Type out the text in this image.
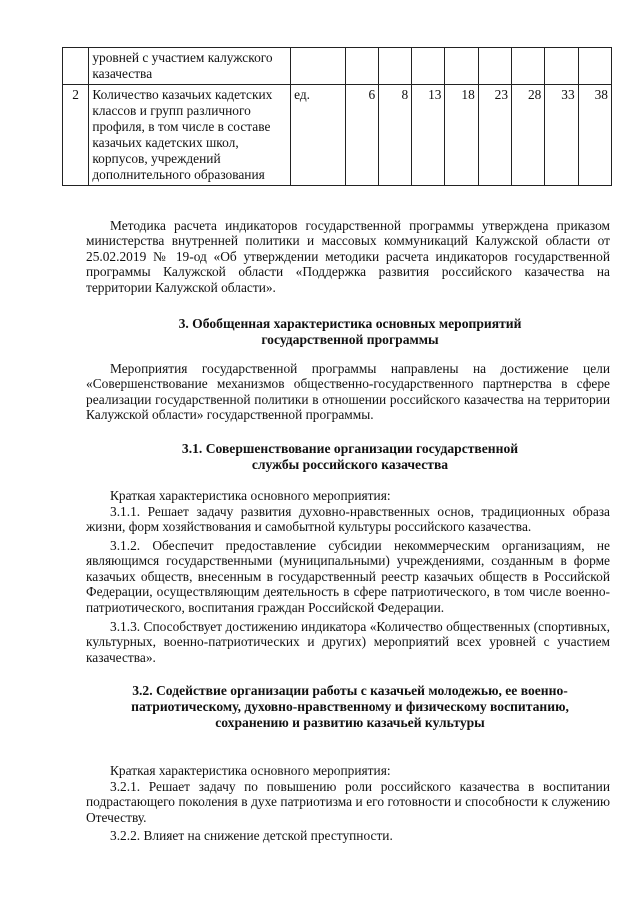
	уровней с участием калужского казачества									
2	Количество казачьих кадетских классов и групп различного профиля, в том числе в составе казачьих кадетских школ, корпусов, учреждений дополнительного образования	ед.	6	8	13	18	23	28	33	38

Методика расчета индикаторов государственной программы утверждена приказом министерства внутренней политики и массовых коммуникаций Калужской области от 25.02.2019 № 19-од «Об утверждении методики расчета индикаторов государственной программы Калужской области «Поддержка развития российского казачества на территории Калужской области».

3. Обобщенная характеристика основных мероприятий государственной программы

Мероприятия государственной программы направлены на достижение цели «Совершенствование механизмов общественно-государственного партнерства в сфере реализации государственной политики в отношении российского казачества на территории Калужской области» государственной программы.

3.1. Совершенствование организации государственной службы российского казачества

Краткая характеристика основного мероприятия:

3.1.1. Решает задачу развития духовно-нравственных основ, традиционных образа жизни, форм хозяйствования и самобытной культуры российского казачества.

3.1.2. Обеспечит предоставление субсидии некоммерческим организациям, не являющимся государственными (муниципальными) учреждениями, созданным в форме казачьих обществ, внесенным в государственный реестр казачьих обществ в Российской Федерации, осуществляющим деятельность в сфере патриотического, в том числе военно-патриотического, воспитания граждан Российской Федерации.

3.1.3. Способствует достижению индикатора «Количество общественных (спортивных, культурных, военно-патриотических и других) мероприятий всех уровней с участием казачества».

3.2. Содействие организации работы с казачьей молодежью, ее военно-патриотическому, духовно-нравственному и физическому воспитанию, сохранению и развитию казачьей культуры

Краткая характеристика основного мероприятия:

3.2.1. Решает задачу по повышению роли российского казачества в воспитании подрастающего поколения в духе патриотизма и его готовности и способности к служению Отечеству.

3.2.2. Влияет на снижение детской преступности.
